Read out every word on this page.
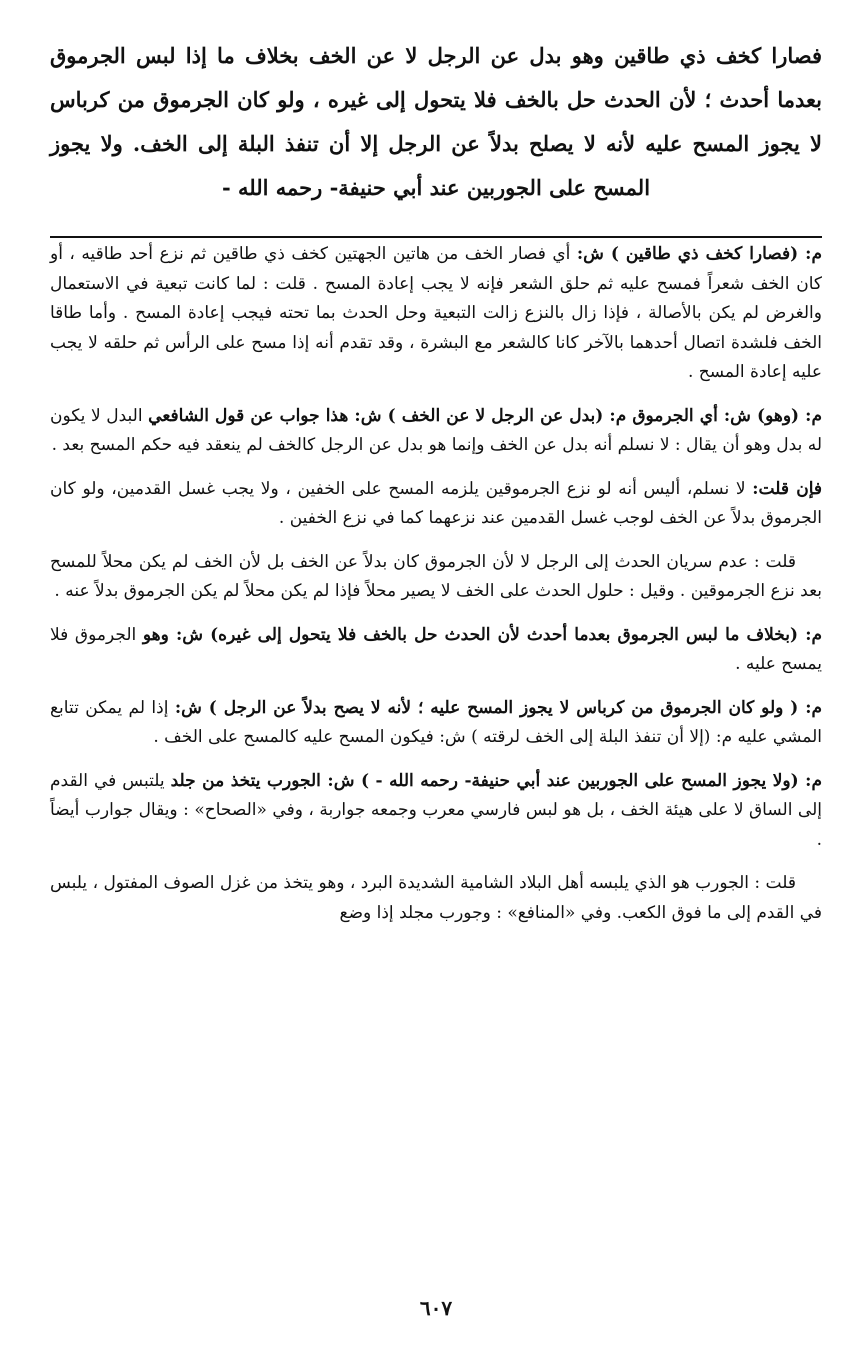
فصارا كخف ذي طاقين وهو بدل عن الرجل لا عن الخف بخلاف ما إذا لبس الجرموق بعدما أحدث ؛ لأن الحدث حل بالخف فلا يتحول إلى غيره ، ولو كان الجرموق من كرباس لا يجوز المسح عليه لأنه لا يصلح بدلاً عن الرجل إلا أن تنفذ البلة إلى الخف. ولا يجوز المسح على الجوربين عند أبي حنيفة- رحمه الله -

م: (فصارا كخف ذي طاقين ) ش: أي فصار الخف من هاتين الجهتين كخف ذي طاقين ثم نزع أحد طاقيه ، أو كان الخف شعراً فمسح عليه ثم حلق الشعر فإنه لا يجب إعادة المسح . قلت : لما كانت تبعية في الاستعمال والغرض لم يكن بالأصالة ، فإذا زال بالنزع زالت التبعية وحل الحدث بما تحته فيجب إعادة المسح . وأما طاقا الخف فلشدة اتصال أحدهما بالآخر كانا كالشعر مع البشرة ، وقد تقدم أنه إذا مسح على الرأس ثم حلقه لا يجب عليه إعادة المسح .

م: (وهو) ش: أي الجرموق م: (بدل عن الرجل لا عن الخف ) ش: هذا جواب عن قول الشافعي البدل لا يكون له بدل وهو أن يقال : لا نسلم أنه بدل عن الخف وإنما هو بدل عن الرجل كالخف لم ينعقد فيه حكم المسح بعد .

فإن قلت: لا نسلم، أليس أنه لو نزع الجرموقين يلزمه المسح على الخفين ، ولا يجب غسل القدمين، ولو كان الجرموق بدلاً عن الخف لوجب غسل القدمين عند نزعهما كما في نزع الخفين .

قلت : عدم سريان الحدث إلى الرجل لا لأن الجرموق كان بدلاً عن الخف بل لأن الخف لم يكن محلاً للمسح بعد نزع الجرموقين . وقيل : حلول الحدث على الخف لا يصير محلاً فإذا لم يكن محلاً لم يكن الجرموق بدلاً عنه .

م: (بخلاف ما لبس الجرموق بعدما أحدث لأن الحدث حل بالخف فلا يتحول إلى غيره) ش: وهو الجرموق فلا يمسح عليه .

م: ( ولو كان الجرموق من كرباس لا يجوز المسح عليه ؛ لأنه لا يصح بدلاً عن الرجل ) ش: إذا لم يمكن تتابع المشي عليه م: (إلا أن تنفذ البلة إلى الخف لرقته ) ش: فيكون المسح عليه كالمسح على الخف .

م: (ولا يجوز المسح على الجوربين عند أبي حنيفة- رحمه الله - ) ش: الجورب يتخذ من جلد يلتبس في القدم إلى الساق لا على هيئة الخف ، بل هو لبس فارسي معرب وجمعه جواربة ، وفي «الصحاح» : ويقال جوارب أيضاً .

قلت : الجورب هو الذي يلبسه أهل البلاد الشامية الشديدة البرد ، وهو يتخذ من غزل الصوف المفتول ، يلبس في القدم إلى ما فوق الكعب. وفي «المنافع» : وجورب مجلد إذا وضع

٦٠٧
